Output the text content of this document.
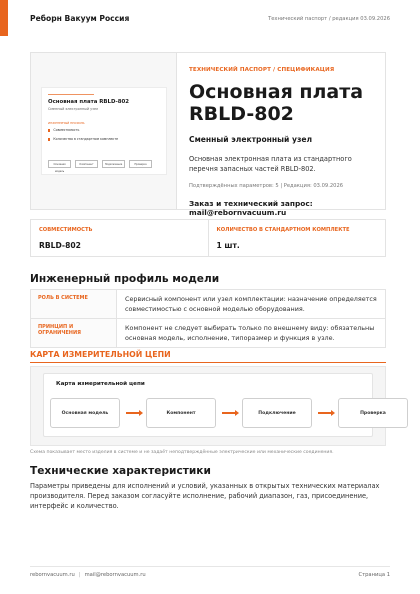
Реборн Вакуум Россия	Технический паспорт / редакция 03.09.2026
Основная плата RBLD-802
Сменный электронный узел
ИНЖЕНЕРНЫЙ ПРОФИЛЬ
Совместимость
Количество в стандартном комплекте
Основная модель
Компонент	Подключение	Проверка
ТЕХНИЧЕСКИЙ ПАСПОРТ / СПЕЦИФИКАЦИЯ
Основная плата RBLD-802
Сменный электронный узел
Основная электронная плата из стандартного перечня запасных частей RBLD-802.
Подтверждённых параметров: 5 | Редакция: 03.09.2026
Заказ и технический запрос: mail@rebornvacuum.ru
СОВМЕСТИМОСТЬ
RBLD-802
КОЛИЧЕСТВО В СТАНДАРТНОМ КОМПЛЕКТЕ
1 шт.
Инженерный профиль модели
РОЛЬ В СИСТЕМЕ	Сервисный компонент или узел комплектации: назначение определяется совместимостью с основной моделью оборудования.
ПРИНЦИП И ОГРАНИЧЕНИЯ
Компонент не следует выбирать только по внешнему виду: обязательны основная модель, исполнение, типоразмер и функция в узле.
КАРТА ИЗМЕРИТЕЛЬНОЙ ЦЕПИ
Карта измерительной цепи
Основная модель	Компонент	Подключение	Проверка
Схема показывает место изделия в системе и не задаёт неподтверждённые электрические или механические соединения.
Технические характеристики
Параметры приведены для исполнений и условий, указанных в открытых технических материалах производителя. Перед заказом согласуйте исполнение, рабочий диапазон, газ, присоединение, интерфейс и количество.
rebornvacuum.ru| mail@rebornvacuum.ru	Страница 1
